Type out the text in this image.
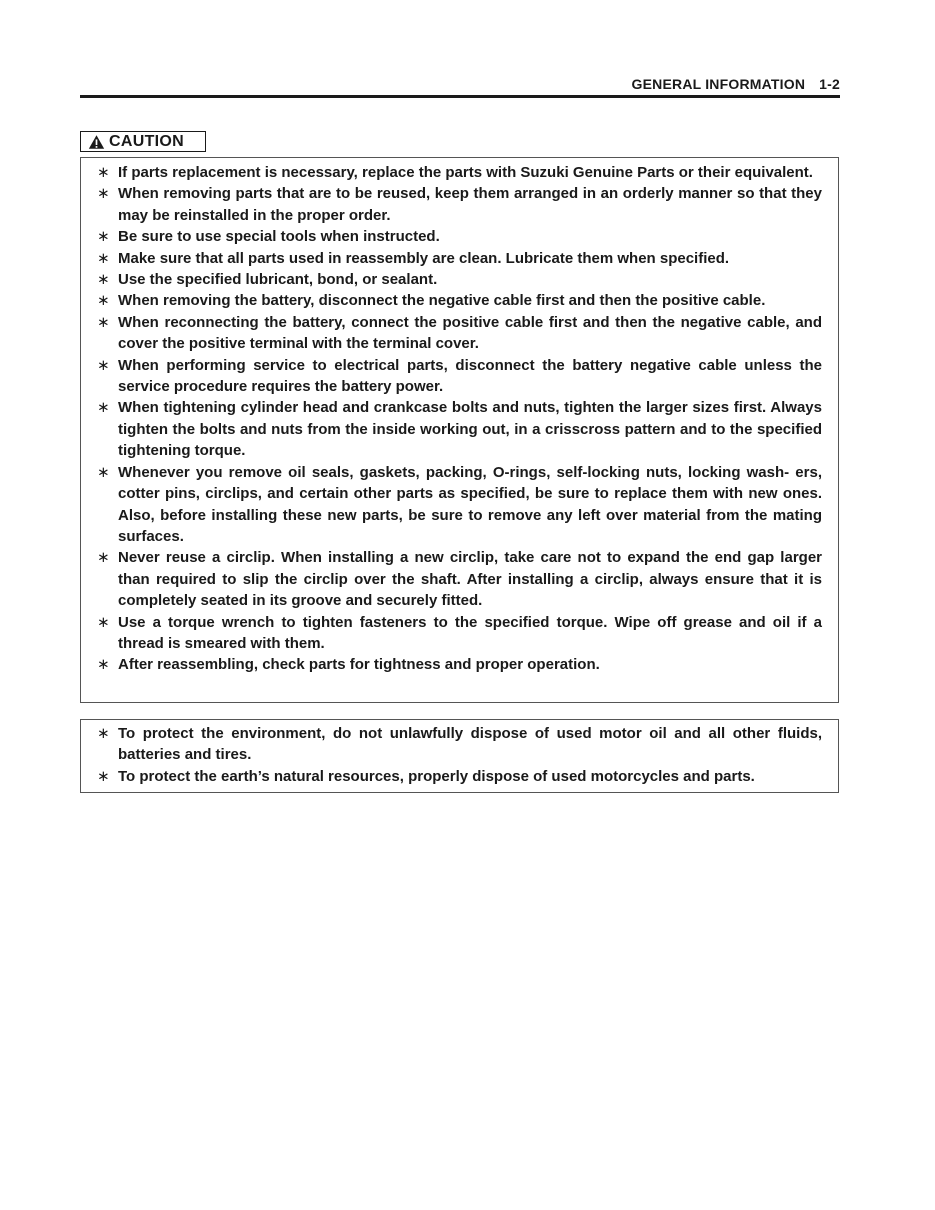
GENERAL INFORMATION 1-2
CAUTION
∗ If parts replacement is necessary, replace the parts with Suzuki Genuine Parts or their equivalent.
∗ When removing parts that are to be reused, keep them arranged in an orderly manner so that they may be reinstalled in the proper order.
∗ Be sure to use special tools when instructed.
∗ Make sure that all parts used in reassembly are clean. Lubricate them when specified.
∗ Use the specified lubricant, bond, or sealant.
∗ When removing the battery, disconnect the negative cable first and then the positive cable.
∗ When reconnecting the battery, connect the positive cable first and then the negative cable, and cover the positive terminal with the terminal cover.
∗ When performing service to electrical parts, disconnect the battery negative cable unless the service procedure requires the battery power.
∗ When tightening cylinder head and crankcase bolts and nuts, tighten the larger sizes first. Always tighten the bolts and nuts from the inside working out, in a crisscross pattern and to the specified tightening torque.
∗ Whenever you remove oil seals, gaskets, packing, O-rings, self-locking nuts, locking wash- ers, cotter pins, circlips, and certain other parts as specified, be sure to replace them with new ones. Also, before installing these new parts, be sure to remove any left over material from the mating surfaces.
∗ Never reuse a circlip. When installing a new circlip, take care not to expand the end gap larger than required to slip the circlip over the shaft. After installing a circlip, always ensure that it is completely seated in its groove and securely fitted.
∗ Use a torque wrench to tighten fasteners to the specified torque. Wipe off grease and oil if a thread is smeared with them.
∗ After reassembling, check parts for tightness and proper operation.
∗ To protect the environment, do not unlawfully dispose of used motor oil and all other fluids, batteries and tires.
∗ To protect the earth’s natural resources, properly dispose of used motorcycles and parts.
